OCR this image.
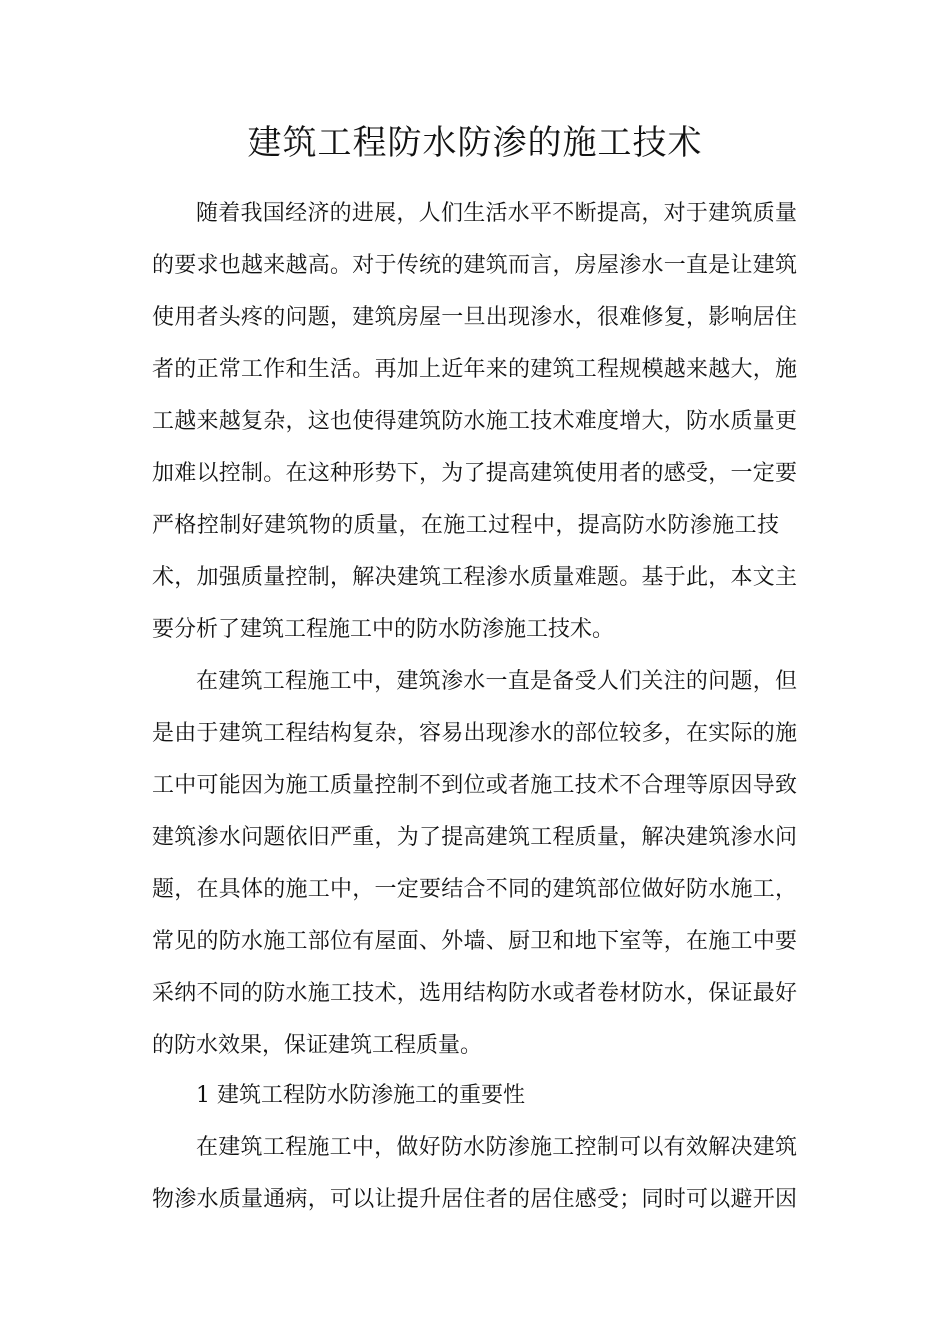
建筑工程防水防渗的施工技术

随着我国经济的进展，人们生活水平不断提高，对于建筑质量

的要求也越来越高。对于传统的建筑而言，房屋渗水一直是让建筑

使用者头疼的问题，建筑房屋一旦出现渗水，很难修复，影响居住

者的正常工作和生活。再加上近年来的建筑工程规模越来越大，施

工越来越复杂，这也使得建筑防水施工技术难度增大，防水质量更

加难以控制。在这种形势下，为了提高建筑使用者的感受，一定要

严格控制好建筑物的质量，在施工过程中，提高防水防渗施工技

术，加强质量控制，解决建筑工程渗水质量难题。基于此，本文主

要分析了建筑工程施工中的防水防渗施工技术。

在建筑工程施工中，建筑渗水一直是备受人们关注的问题，但

是由于建筑工程结构复杂，容易出现渗水的部位较多，在实际的施

工中可能因为施工质量控制不到位或者施工技术不合理等原因导致

建筑渗水问题依旧严重，为了提高建筑工程质量，解决建筑渗水问

题，在具体的施工中，一定要结合不同的建筑部位做好防水施工，

常见的防水施工部位有屋面、外墙、厨卫和地下室等，在施工中要

采纳不同的防水施工技术，选用结构防水或者卷材防水，保证最好

的防水效果，保证建筑工程质量。

1 建筑工程防水防渗施工的重要性

在建筑工程施工中，做好防水防渗施工控制可以有效解决建筑

物渗水质量通病，可以让提升居住者的居住感受；同时可以避开因
